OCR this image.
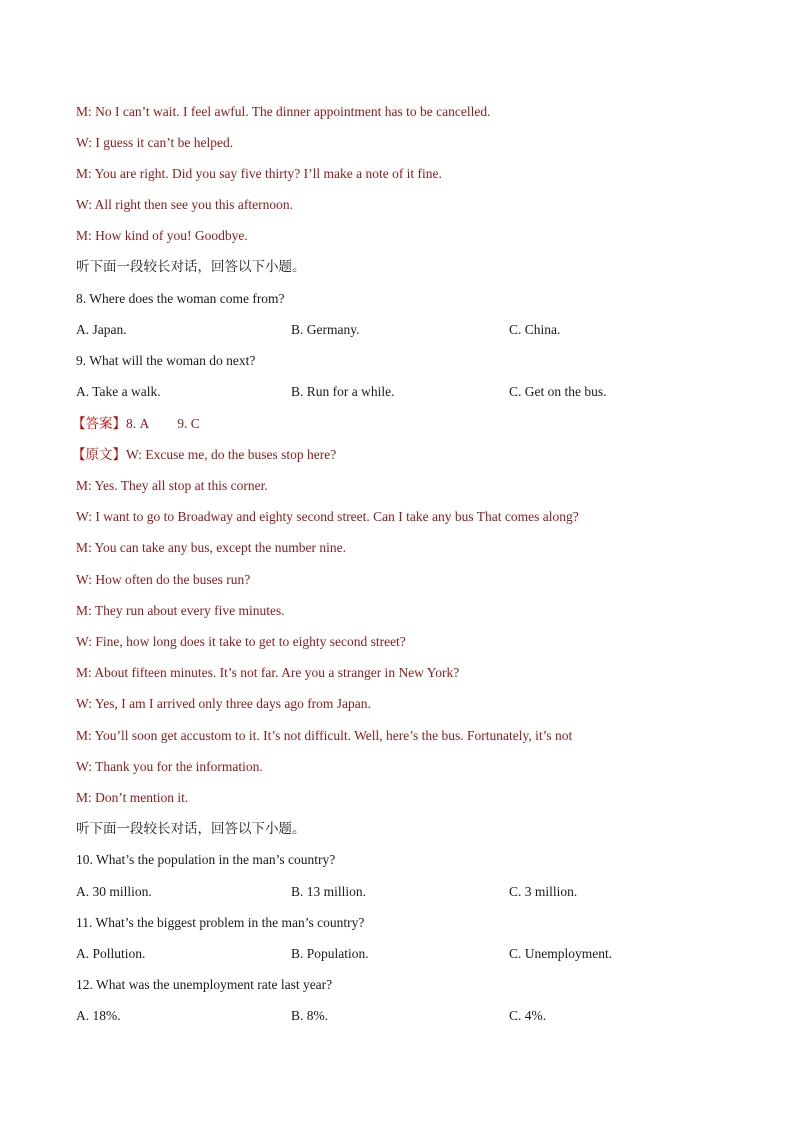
M: No I can’t wait. I feel awful. The dinner appointment has to be cancelled.
W: I guess it can’t be helped.
M: You are right. Did you say five thirty? I’ll make a note of it fine.
W: All right then see you this afternoon.
M: How kind of you! Goodbye.
听下面一段较长对话，回答以下小题。
8. Where does the woman come from?
A. Japan.	B. Germany.	C. China.
9. What will the woman do next?
A. Take a walk.	B. Run for a while.	C. Get on the bus.
【答案】8. A 9. C
【原文】W: Excuse me, do the buses stop here?
M: Yes. They all stop at this corner.
W: I want to go to Broadway and eighty second street. Can I take any bus That comes along?
M: You can take any bus, except the number nine.
W: How often do the buses run?
M: They run about every five minutes.
W: Fine, how long does it take to get to eighty second street?
M: About fifteen minutes. It’s not far. Are you a stranger in New York?
W: Yes, I am I arrived only three days ago from Japan.
M: You’ll soon get accustom to it. It’s not difficult. Well, here’s the bus. Fortunately, it’s not
W: Thank you for the information.
M: Don’t mention it.
听下面一段较长对话，回答以下小题。
10. What’s the population in the man’s country?
A. 30 million.	B. 13 million.	C. 3 million.
11. What’s the biggest problem in the man’s country?
A. Pollution.	B. Population.	C. Unemployment.
12. What was the unemployment rate last year?
A. 18%.	B. 8%.	C. 4%.
